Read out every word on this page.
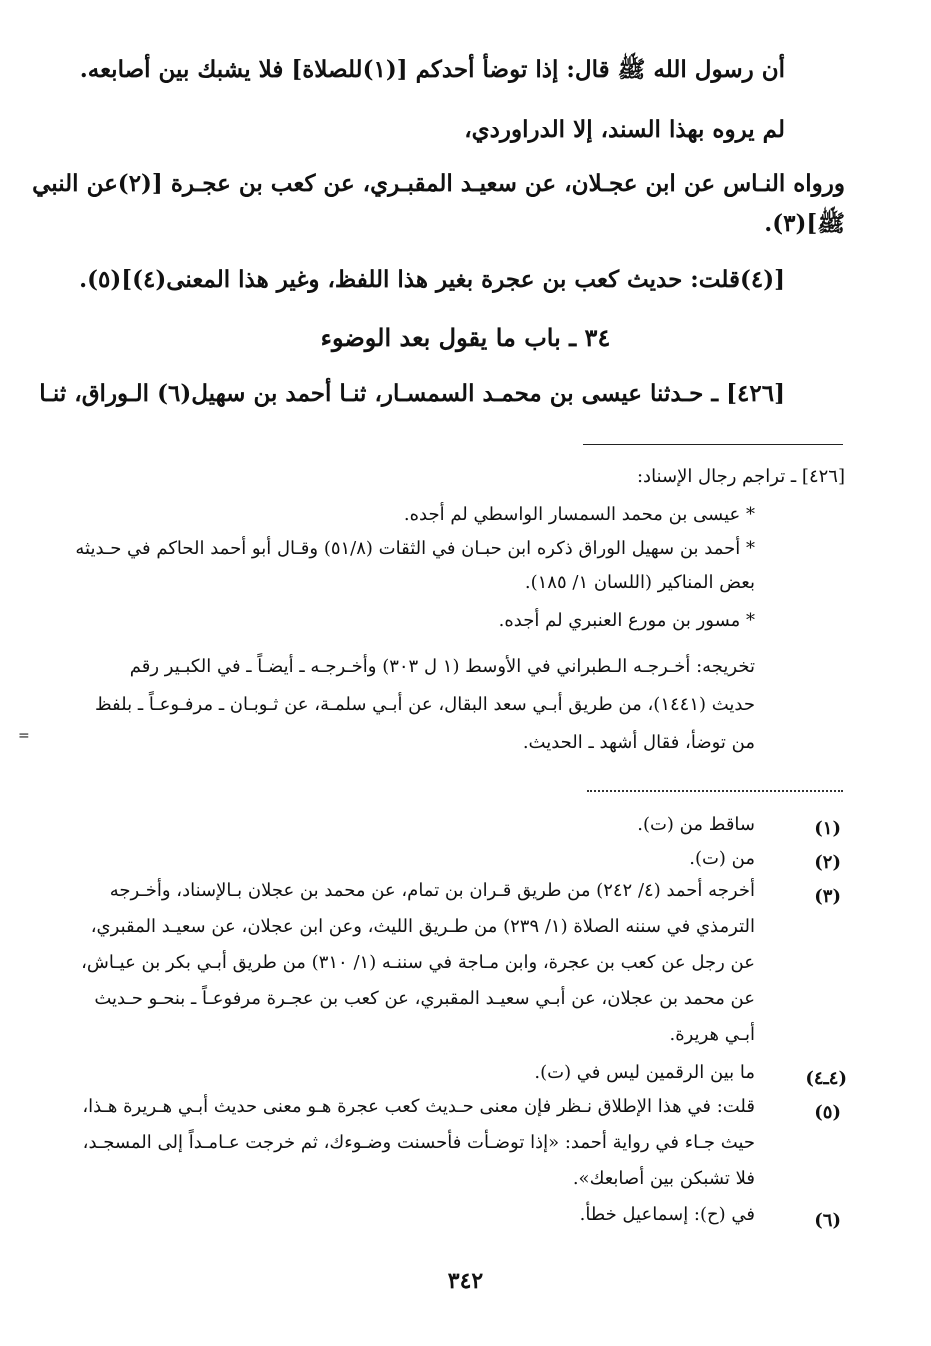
أن رسول الله ﷺ قال: إذا توضأ أحدكم [(١)للصلاة] فلا يشبك بين أصابعه.
لم يروه بهذا السند، إلا الدراوردي،
ورواه النـاس عن ابن عجـلان، عن سعيـد المقبـري، عن كعب بن عجـرة [(٢)عن النبي
ﷺ](٣).
[(٤)قلت: حديث كعب بن عجرة بغير هذا اللفظ، وغير هذا المعنى(٤)](٥).
٣٤ ـ باب ما يقول بعد الوضوء
[٤٢٦] ـ حـدثنا عيسى بن محمـد السمسـار، ثنـا أحمد بن سهيل(٦) الـوراق، ثنـا
[٤٢٦] ـ تراجم رجال الإسناد:
* عيسى بن محمد السمسار الواسطي لم أجده.
* أحمد بن سهيل الوراق ذكره ابن حبـان في الثقات (٥١/٨) وقـال أبو أحمد الحاكم في حـديثه
بعض المناكير (اللسان ١/ ١٨٥).
* مسور بن مورع العنبري لم أجده.
تخريجه: أخـرجـه الـطبراني في الأوسط (١ ل ٣٠٣) وأخـرجـه ـ أيضـاً ـ في الكبـير رقم
حديث (١٤٤١)، من طريق أبـي سعد البقال، عن أبـي سلمـة، عن ثـوبـان ـ مرفـوعـاً ـ بلفظ
من توضأ، فقال أشهد ـ الحديث.
=
(١)
ساقط من (ت).
(٢)
من (ت).
(٣)
أخرجه أحمد (٤/ ٢٤٢) من طريق قـران بن تمام، عن محمد بن عجلان بـالإسناد، وأخـرجه
الترمذي في سننه الصلاة (١/ ٢٣٩) من طـريق الليث، وعن ابن عجلان، عن سعيـد المقبري،
عن رجل عن كعب بن عجرة، وابن مـاجة في سننـه (١/ ٣١٠) من طريق أبـي بكر بن عيـاش،
عن محمد بن عجلان، عن أبـي سعيـد المقبري، عن كعب بن عجـرة مرفوعـاً ـ بنحـو حـديث
أبـي هريرة.
(٤ـ٤)
ما بين الرقمين ليس في (ت).
(٥)
قلت: في هذا الإطلاق نـظر فإن معنى حـديث كعب عجرة هـو معنى حديث أبـي هـريرة هـذا،
حيث جـاء في رواية أحمد: «إذا توضـأت فأحسنت وضـوءك، ثم خرجت عـامـداً إلى المسجـد،
فلا تشبكن بين أصابعك».
(٦)
في (ح): إسماعيل خطأ.
٣٤٢
